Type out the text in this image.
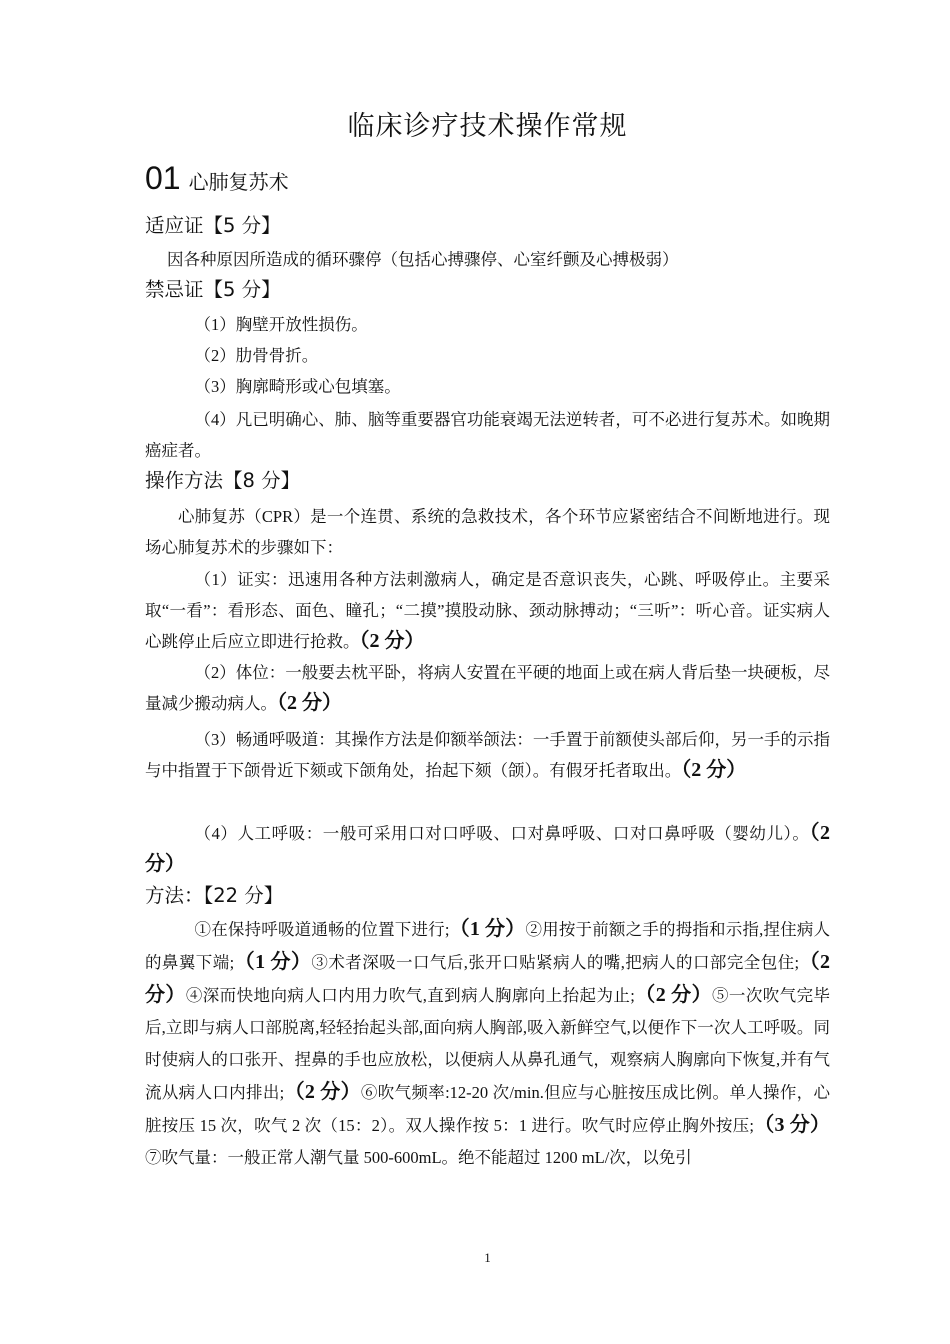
临床诊疗技术操作常规
01 心肺复苏术
适应证【5 分】
因各种原因所造成的循环骤停（包括心搏骤停、心室纤颤及心搏极弱）
禁忌证【5 分】
（1）胸壁开放性损伤。
（2）肋骨骨折。
（3）胸廓畸形或心包填塞。
（4）凡已明确心、肺、脑等重要器官功能衰竭无法逆转者，可不必进行复苏术。如晚期癌症者。
操作方法【8 分】
心肺复苏（CPR）是一个连贯、系统的急救技术，各个环节应紧密结合不间断地进行。现场心肺复苏术的步骤如下：
（1）证实：迅速用各种方法刺激病人，确定是否意识丧失，心跳、呼吸停止。主要采取“一看”：看形态、面色、瞳孔；“二摸”摸股动脉、颈动脉搏动；“三听”：听心音。证实病人心跳停止后应立即进行抢救。（2 分）
（2）体位：一般要去枕平卧，将病人安置在平硬的地面上或在病人背后垫一块硬板，尽量减少搬动病人。（2 分）
（3）畅通呼吸道：其操作方法是仰额举颌法：一手置于前额使头部后仰，另一手的示指与中指置于下颌骨近下颏或下颌角处，抬起下颏（颌）。有假牙托者取出。（2 分）
（4）人工呼吸：一般可采用口对口呼吸、口对鼻呼吸、口对口鼻呼吸（婴幼儿）。（2 分）
方法：【22 分】
①在保持呼吸道通畅的位置下进行;（1 分）②用按于前额之手的拇指和示指,捏住病人的鼻翼下端;（1 分）③术者深吸一口气后,张开口贴紧病人的嘴,把病人的口部完全包住;（2 分）④深而快地向病人口内用力吹气,直到病人胸廓向上抬起为止;（2 分）⑤一次吹气完毕后,立即与病人口部脱离,轻轻抬起头部,面向病人胸部,吸入新鲜空气,以便作下一次人工呼吸。同时使病人的口张开、捏鼻的手也应放松，以便病人从鼻孔通气，观察病人胸廓向下恢复,并有气流从病人口内排出;（2 分）⑥吹气频率:12-20 次/min.但应与心脏按压成比例。单人操作，心脏按压 15 次，吹气 2 次（15：2）。双人操作按 5：1 进行。吹气时应停止胸外按压;（3 分）⑦吹气量：一般正常人潮气量 500-600mL。绝不能超过 1200 mL/次，以免引
1
